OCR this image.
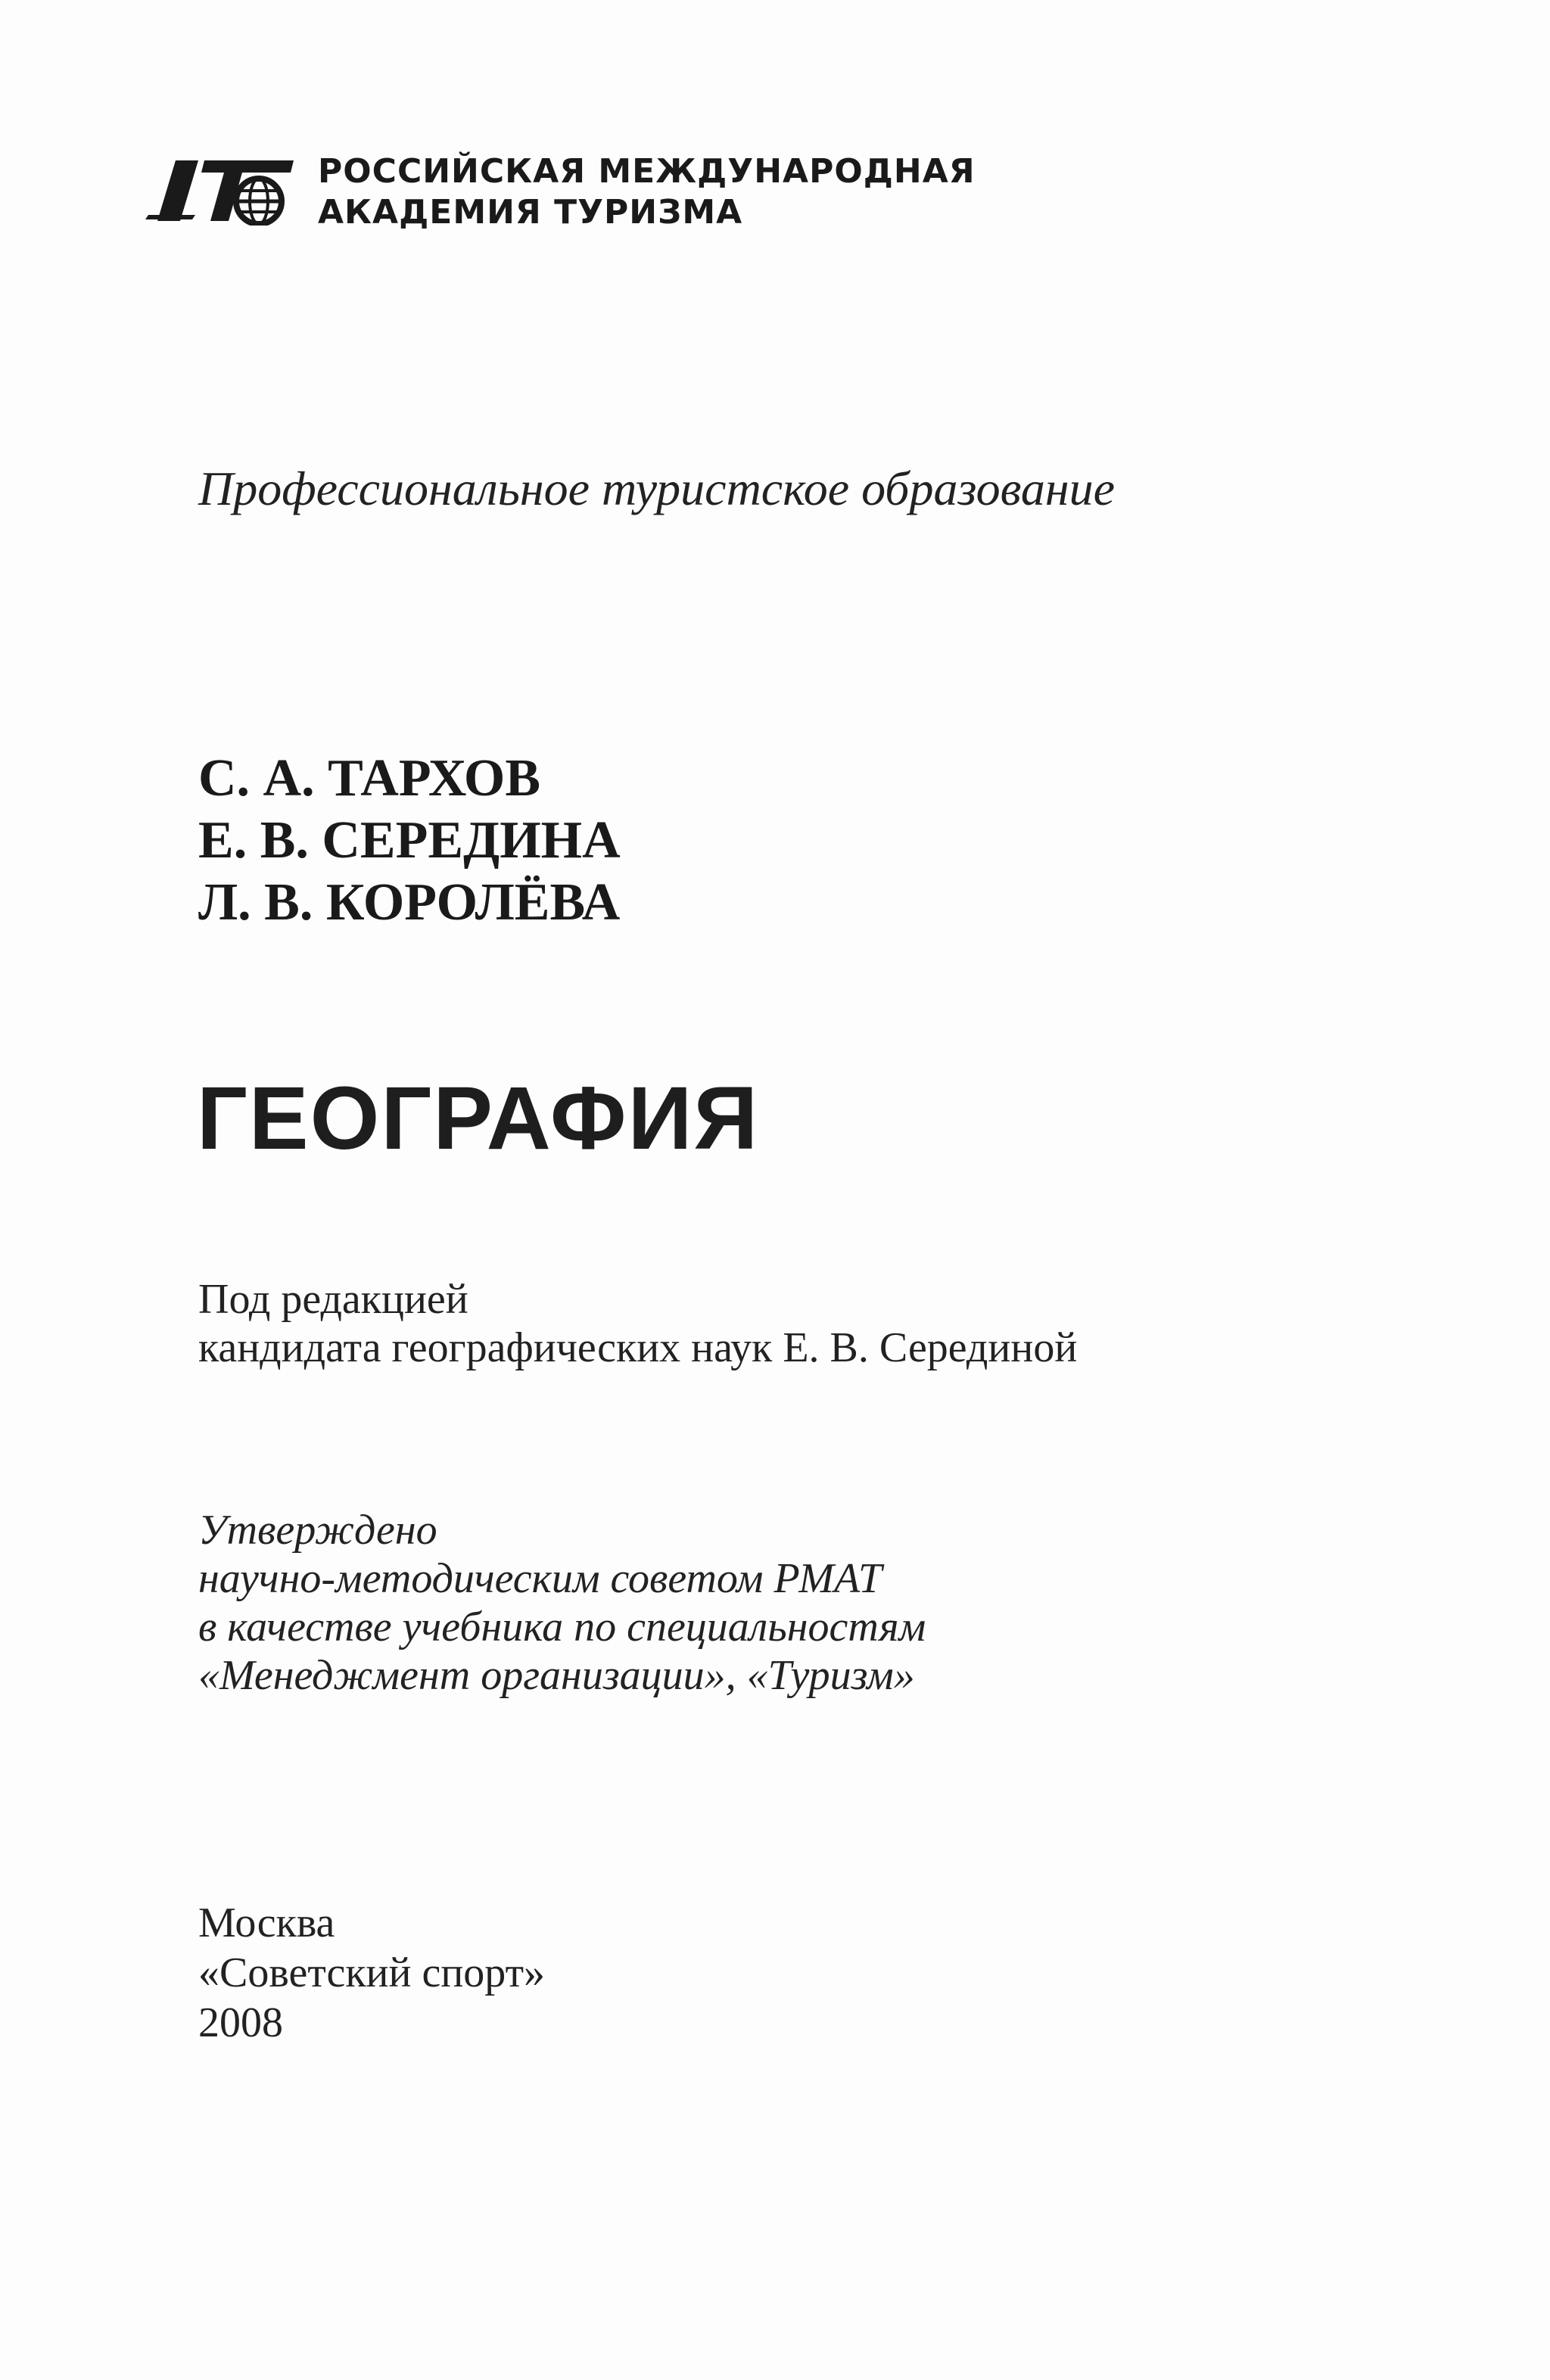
РОССИЙСКАЯ МЕЖДУНАРОДНАЯ
АКАДЕМИЯ ТУРИЗМА
Профессиональное туристское образование
С. А. ТАРХОВ
Е. В. СЕРЕДИНА
Л. В. КОРОЛЁВА
ГЕОГРАФИЯ
Под редакцией
кандидата географических наук Е. В. Серединой
Утверждено
научно-методическим советом РМАТ
в качестве учебника по специальностям
«Менеджмент организации», «Туризм»
Москва
«Советский спорт»
2008
